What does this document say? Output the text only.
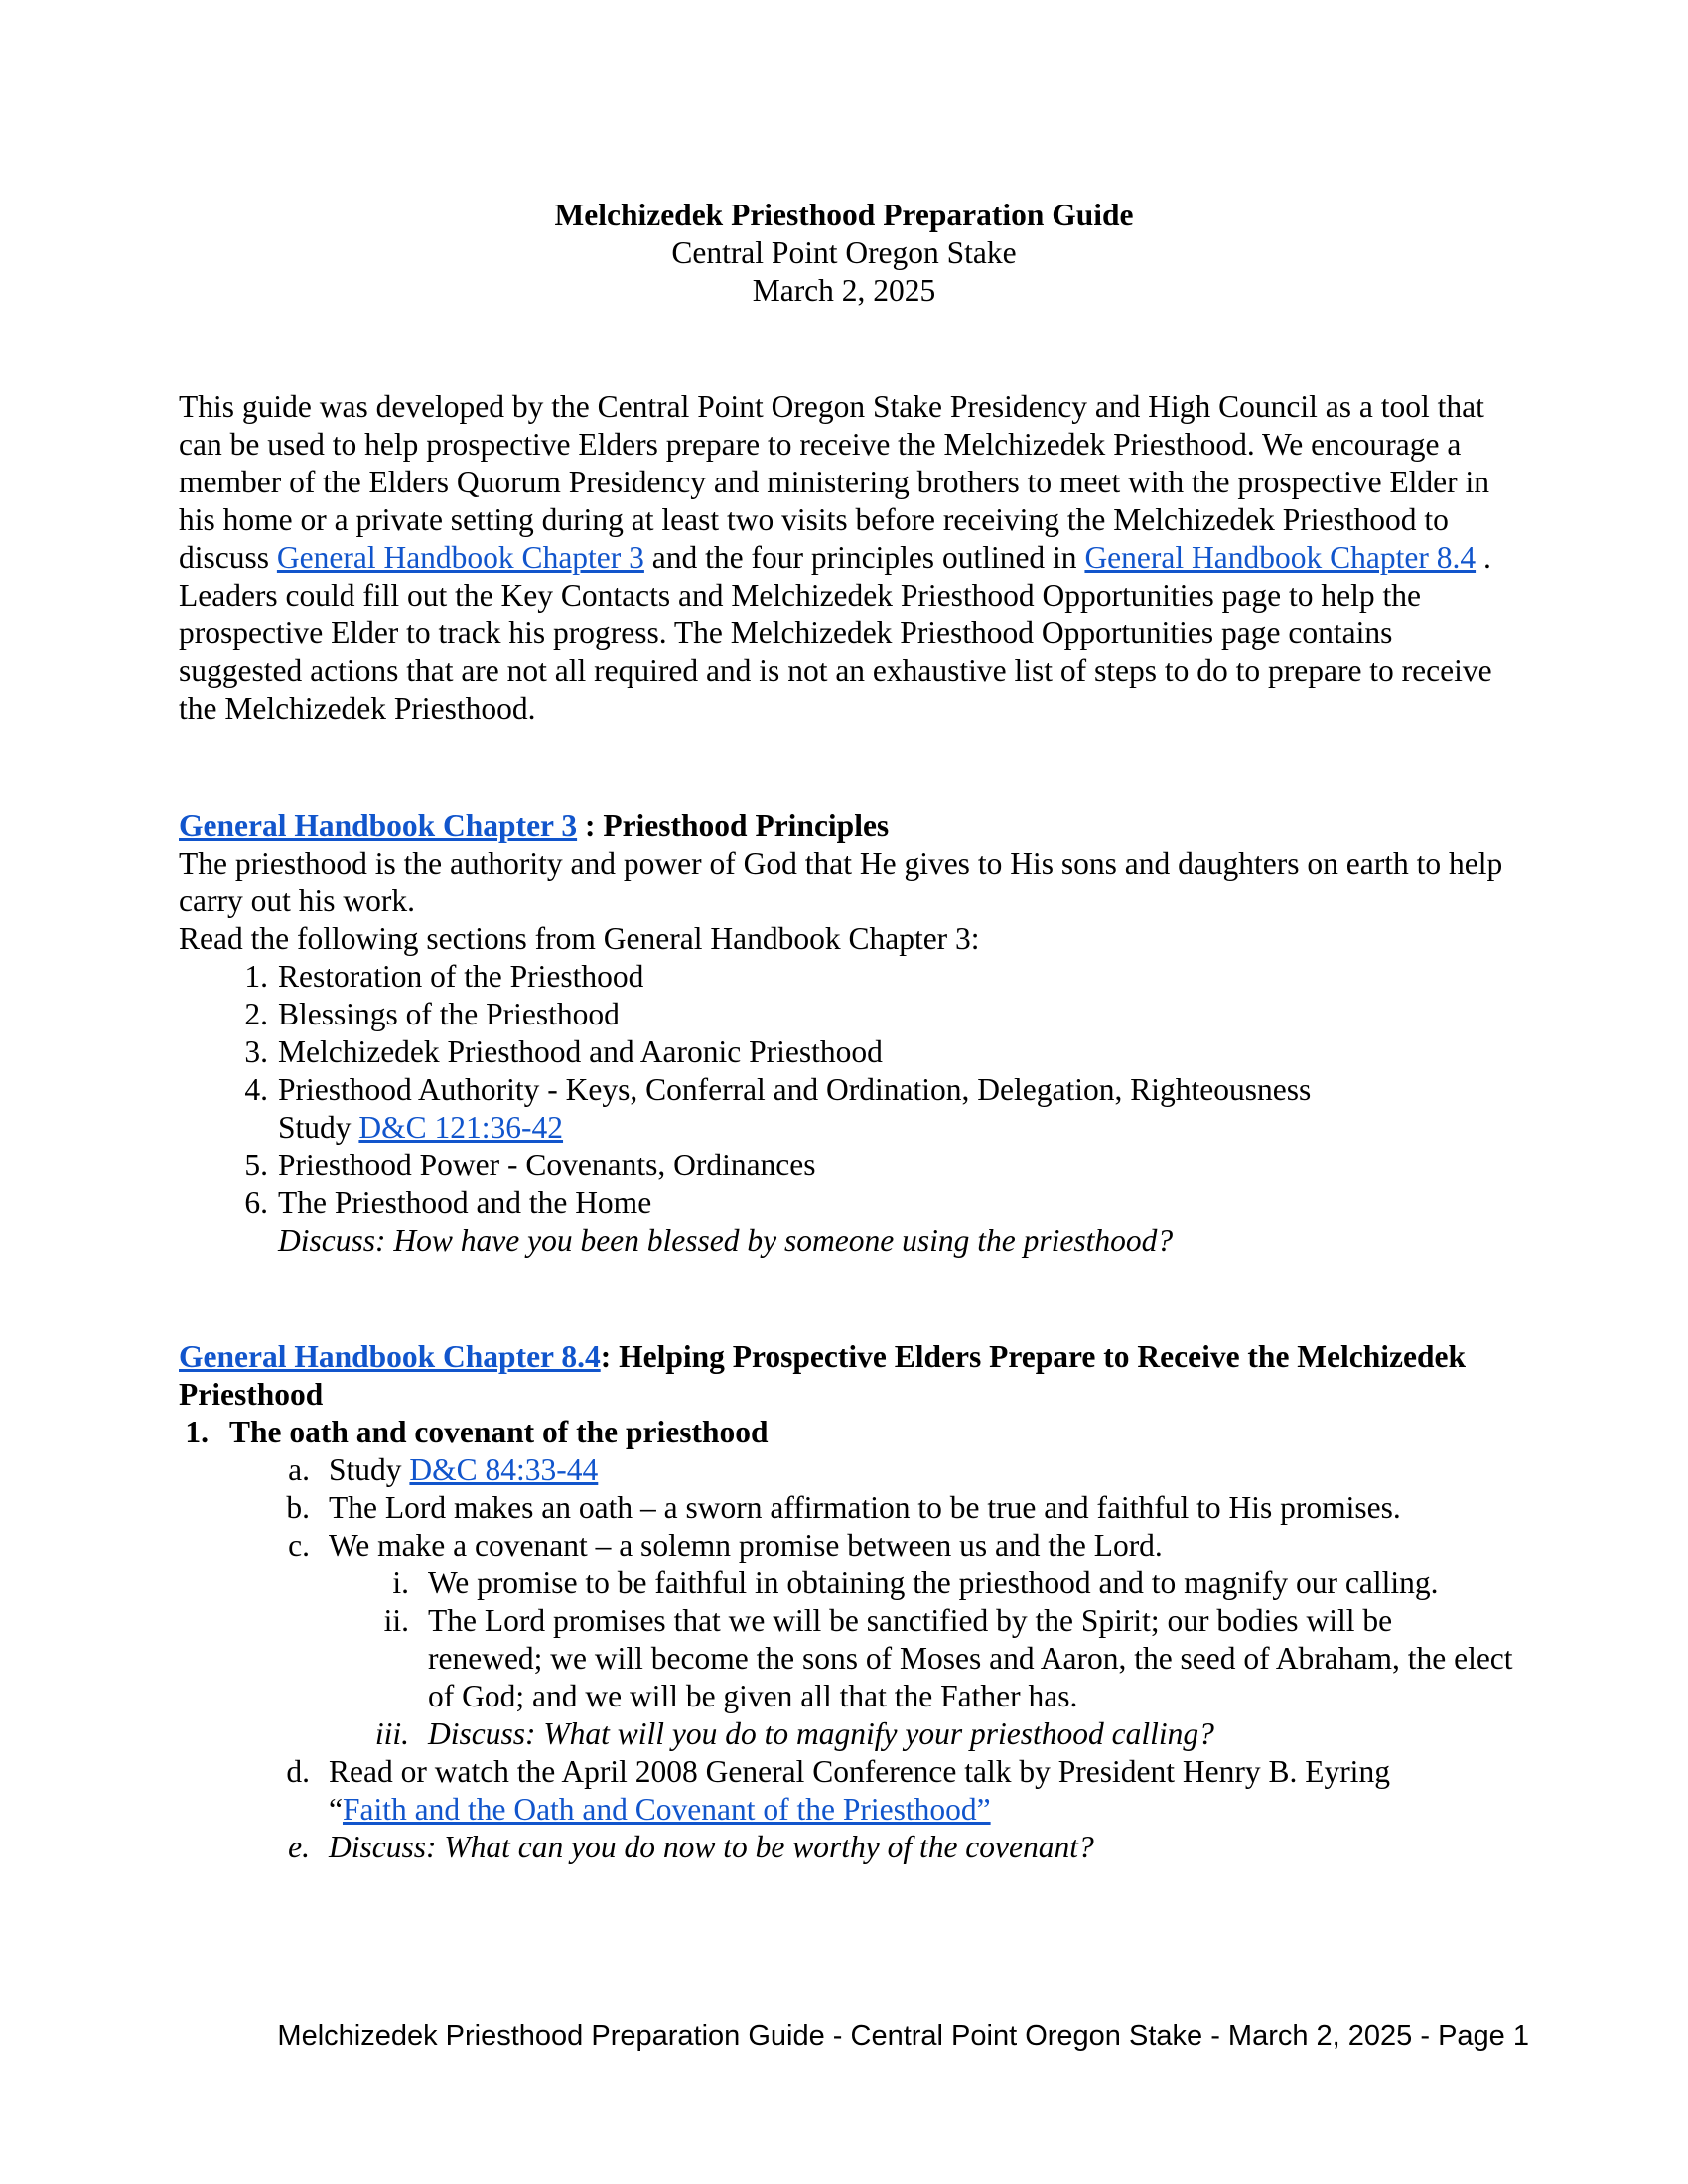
Melchizedek Priesthood Preparation Guide
Central Point Oregon Stake
March 2, 2025
This guide was developed by the Central Point Oregon Stake Presidency and High Council as a tool that can be used to help prospective Elders prepare to receive the Melchizedek Priesthood. We encourage a member of the Elders Quorum Presidency and ministering brothers to meet with the prospective Elder in his home or a private setting during at least two visits before receiving the Melchizedek Priesthood to discuss General Handbook Chapter 3 and the four principles outlined in General Handbook Chapter 8.4 . Leaders could fill out the Key Contacts and Melchizedek Priesthood Opportunities page to help the prospective Elder to track his progress. The Melchizedek Priesthood Opportunities page contains suggested actions that are not all required and is not an exhaustive list of steps to do to prepare to receive the Melchizedek Priesthood.
General Handbook Chapter 3 : Priesthood Principles
The priesthood is the authority and power of God that He gives to His sons and daughters on earth to help carry out his work.
Read the following sections from General Handbook Chapter 3:
1. Restoration of the Priesthood
2. Blessings of the Priesthood
3. Melchizedek Priesthood and Aaronic Priesthood
4. Priesthood Authority - Keys, Conferral and Ordination, Delegation, Righteousness
Study D&C 121:36-42
5. Priesthood Power - Covenants, Ordinances
6. The Priesthood and the Home
Discuss: How have you been blessed by someone using the priesthood?
General Handbook Chapter 8.4: Helping Prospective Elders Prepare to Receive the Melchizedek Priesthood
1. The oath and covenant of the priesthood
a. Study D&C 84:33-44
b. The Lord makes an oath – a sworn affirmation to be true and faithful to His promises.
c. We make a covenant – a solemn promise between us and the Lord.
i. We promise to be faithful in obtaining the priesthood and to magnify our calling.
ii. The Lord promises that we will be sanctified by the Spirit; our bodies will be renewed; we will become the sons of Moses and Aaron, the seed of Abraham, the elect of God; and we will be given all that the Father has.
iii. Discuss: What will you do to magnify your priesthood calling?
d. Read or watch the April 2008 General Conference talk by President Henry B. Eyring
“Faith and the Oath and Covenant of the Priesthood”
e. Discuss: What can you do now to be worthy of the covenant?
Melchizedek Priesthood Preparation Guide - Central Point Oregon Stake - March 2, 2025 - Page 1
